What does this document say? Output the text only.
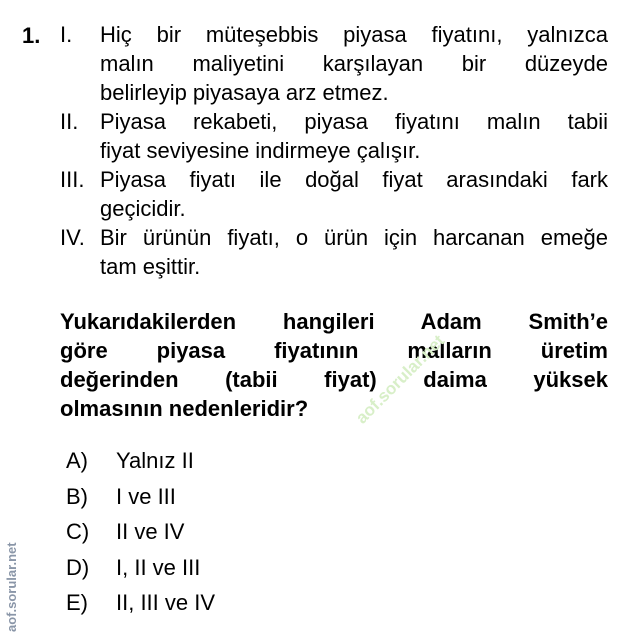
1. I. Hiç bir müteşebbis piyasa fiyatını, yalnızca
malın maliyetini karşılayan bir düzeyde
belirleyip piyasaya arz etmez.
II. Piyasa rekabeti, piyasa fiyatını malın tabii
fiyat seviyesine indirmeye çalışır.
III. Piyasa fiyatı ile doğal fiyat arasındaki fark
geçicidir.
IV. Bir ürünün fiyatı, o ürün için harcanan emeğe
tam eşittir.
Yukarıdakilerden hangileri Adam Smith’e
göre piyasa fiyatının malların üretim
değerinden (tabii fiyat) daima yüksek
olmasının nedenleridir?
A) Yalnız II
B) I ve III
C) II ve IV
D) I, II ve III
E) II, III ve IV
aof.sorular.net
aof.sorular.net
